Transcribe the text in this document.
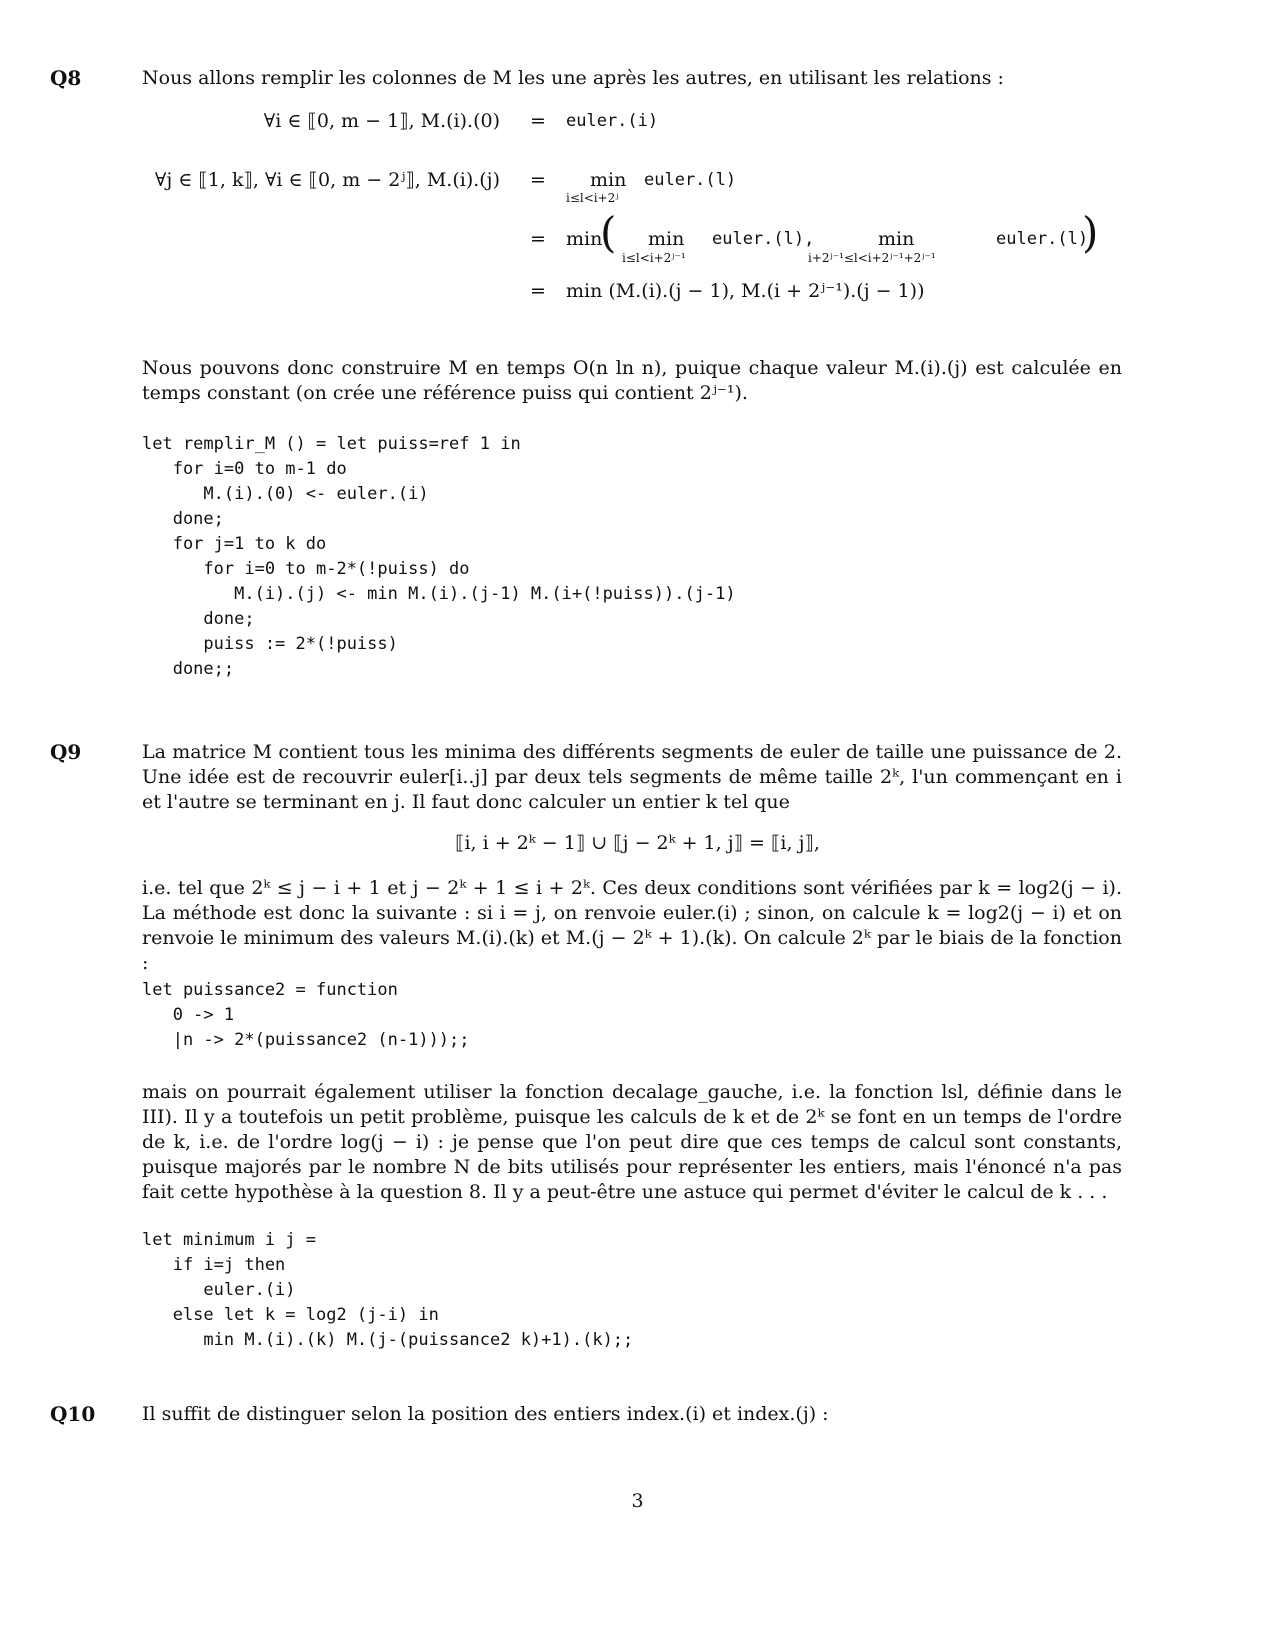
Q8	Nous allons remplir les colonnes de M les une après les autres, en utilisant les relations :
∀i ∈ ⟦0, m − 1⟧, M.(i).(0) = euler.(i)
∀j ∈ ⟦1, k⟧, ∀i ∈ ⟦0, m − 2ʲ⟧, M.(i).(j) = min
i≤l<i+2ʲ
euler.(l)
= min
( min
i≤l<i+2ʲ⁻¹
euler.(l),	min
i+2ʲ⁻¹≤l<i+2ʲ⁻¹+2ʲ⁻¹
euler.(l)
)
= min (M.(i).(j − 1), M.(i + 2ʲ⁻¹).(j − 1))
Nous pouvons donc construire M en temps O(n ln n), puique chaque valeur M.(i).(j) est calculée en temps constant (on crée une référence puiss qui contient 2ʲ⁻¹).
let remplir_M () = let puiss=ref 1 in
for i=0 to m-1 do
M.(i).(0) <- euler.(i)
done;
for j=1 to k do
for i=0 to m-2*(!puiss) do
M.(i).(j) <- min M.(i).(j-1) M.(i+(!puiss)).(j-1)
done;
puiss := 2*(!puiss)
done;;
Q9	La matrice M contient tous les minima des différents segments de euler de taille une puissance de 2. Une idée est de recouvrir euler[i..j] par deux tels segments de même taille 2ᵏ, l'un commençant en i et l'autre se terminant en j. Il faut donc calculer un entier k tel que
⟦i, i + 2ᵏ − 1⟧ ∪ ⟦j − 2ᵏ + 1, j⟧ = ⟦i, j⟧,
i.e. tel que 2ᵏ ≤ j − i + 1 et j − 2ᵏ + 1 ≤ i + 2ᵏ. Ces deux conditions sont vérifiées par k = log2(j − i). La méthode est donc la suivante : si i = j, on renvoie euler.(i) ; sinon, on calcule k = log2(j − i) et on renvoie le minimum des valeurs M.(i).(k) et M.(j − 2ᵏ + 1).(k). On calcule 2ᵏ par le biais de la fonction :
let puissance2 = function
0 -> 1
|n -> 2*(puissance2 (n-1)));;
mais on pourrait également utiliser la fonction decalage_gauche, i.e. la fonction lsl, définie dans le III). Il y a toutefois un petit problème, puisque les calculs de k et de 2ᵏ se font en un temps de l'ordre de k, i.e. de l'ordre log(j − i) : je pense que l'on peut dire que ces temps de calcul sont constants, puisque majorés par le nombre N de bits utilisés pour représenter les entiers, mais l'énoncé n'a pas fait cette hypothèse à la question 8. Il y a peut-être une astuce qui permet d'éviter le calcul de k . . .
let minimum i j =
if i=j then
euler.(i)
else let k = log2 (j-i) in
min M.(i).(k) M.(j-(puissance2 k)+1).(k);;
Q10 Il suffit de distinguer selon la position des entiers index.(i) et index.(j) :
3
